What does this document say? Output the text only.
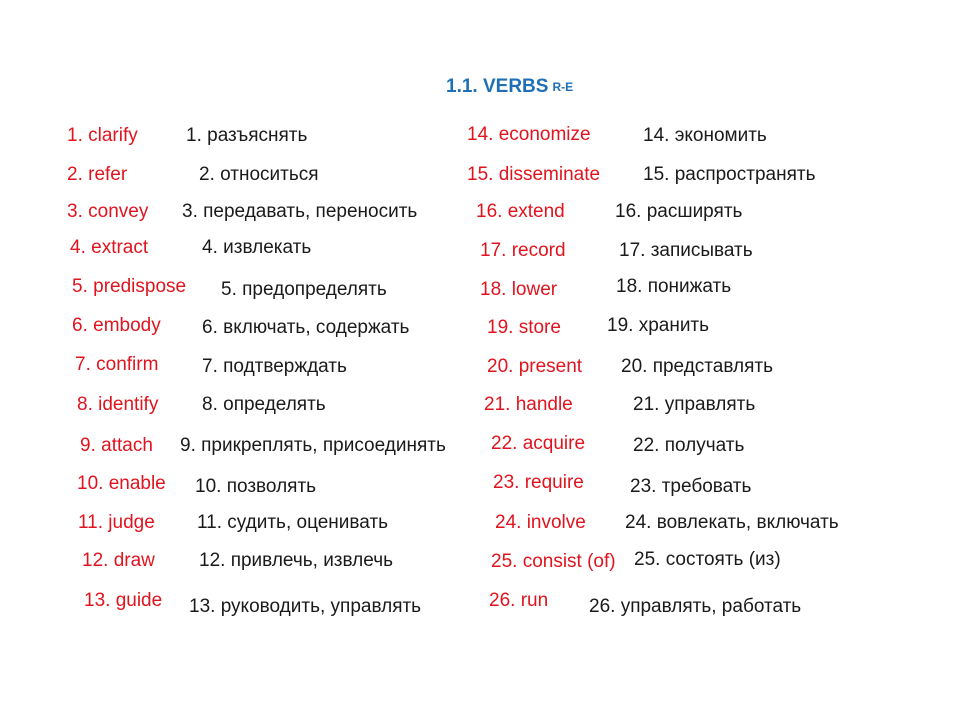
1.1. VERBS R-E
1. clarify
2. refer
3. convey
4. extract
5. predispose
6. embody
7. confirm
8. identify
9. attach
10. enable
11. judge
12. draw
13. guide
1. разъяснять
2. относиться
3. передавать, переносить
4. извлекать
5. предопределять
6. включать, содержать
7. подтверждать
8. определять
9. прикреплять, присоединять
10. позволять
11. судить, оценивать
12. привлечь, извлечь
13. руководить, управлять
14. economize
15. disseminate
16. extend
17. record
18. lower
19. store
20. present
21. handle
22. acquire
23. require
24. involve
25. consist (of)
26. run
14. экономить
15. распространять
16. расширять
17. записывать
18. понижать
19. хранить
20. представлять
21. управлять
22. получать
23. требовать
24. вовлекать, включать
25. состоять (из)
26. управлять, работать
